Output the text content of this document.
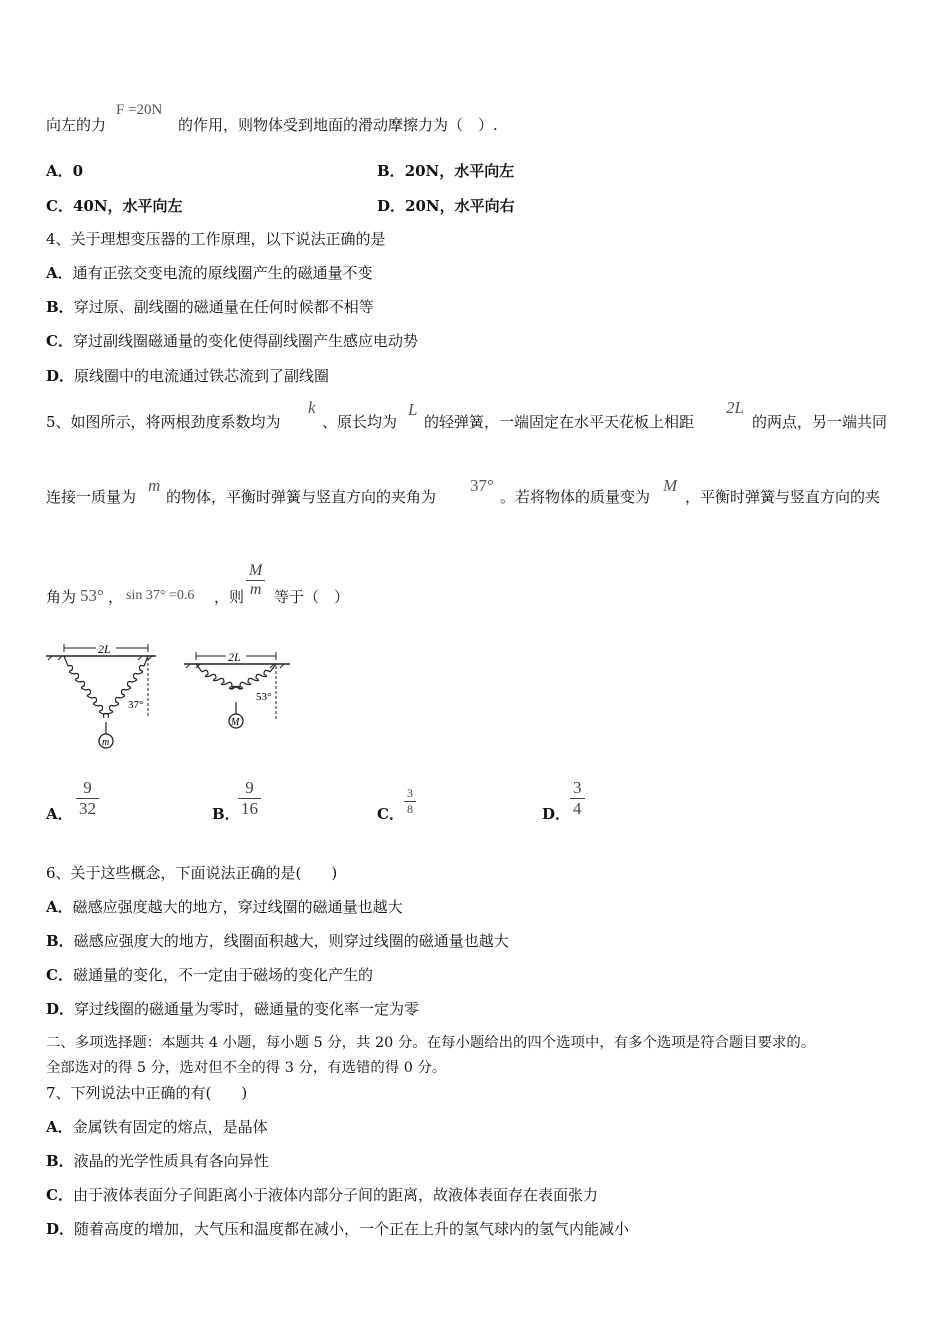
向左的力
F =20N
的作用，则物体受到地面的滑动摩擦力为（　）.
A．0	B．20N，水平向左
C．40N，水平向左	D．20N，水平向右
4、关于理想变压器的工作原理，以下说法正确的是
A．通有正弦交变电流的原线圈产生的磁通量不变
B．穿过原、副线圈的磁通量在任何时候都不相等
C．穿过副线圈磁通量的变化使得副线圈产生感应电动势
D．原线圈中的电流通过铁芯流到了副线圈
5、如图所示，将两根劲度系数均为
k
、原长均为
L
的轻弹簧，一端固定在水平天花板上相距
2L
的两点，另一端共同
连接一质量为
m
的物体，平衡时弹簧与竖直方向的夹角为
37°
。若将物体的质量变为
M
，平衡时弹簧与竖直方向的夹
角为 53° ， sin 37° =0.6 ，则 $\frac{M}{m}$ 等于（　）
2L
37°
m
2L
53°
M
A． $\frac{9}{32}$	B．
$\frac{9}{16}$	C． $\frac{3}{8}$	D． $\frac{3}{4}$
6、关于这些概念，下面说法正确的是(　　)
A．磁感应强度越大的地方，穿过线圈的磁通量也越大
B．磁感应强度大的地方，线圈面积越大，则穿过线圈的磁通量也越大
C．磁通量的变化，不一定由于磁场的变化产生的
D．穿过线圈的磁通量为零时，磁通量的变化率一定为零
二、多项选择题：本题共 4 小题，每小题 5 分，共 20 分。在每小题给出的四个选项中，有多个选项是符合题目要求的。
全部选对的得 5 分，选对但不全的得 3 分，有选错的得 0 分。
7、下列说法中正确的有(　　)
A．金属铁有固定的熔点，是晶体
B．液晶的光学性质具有各向异性
C．由于液体表面分子间距离小于液体内部分子间的距离，故液体表面存在表面张力
D．随着高度的增加，大气压和温度都在减小，一个正在上升的氢气球内的氢气内能减小
